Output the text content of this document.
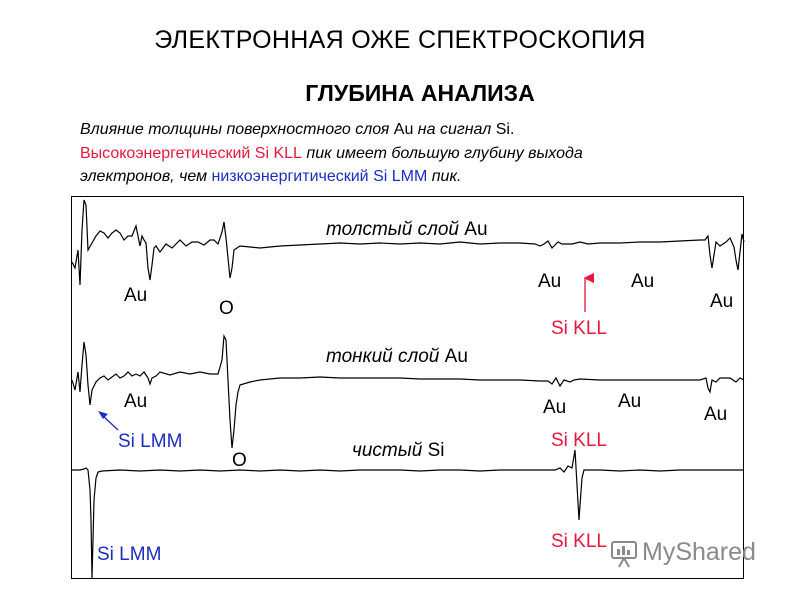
ЭЛЕКТРОННАЯ ОЖЕ СПЕКТРОСКОПИЯ
ГЛУБИНА АНАЛИЗА
Влияние толщины поверхностного слоя Au на сигнал Si.
Высокоэнергетический Si KLL пик имеет большую глубину выхода
электронов, чем низкоэнергитический Si LMM пик.
толстый слой Au
тонкий слой Au
чистый Si
Au
O
Au	Au
Au
Si KLL
Au	Au	Au
Au
Si LMM
O
Si KLL
Si KLL
Si LMM	MyShared
